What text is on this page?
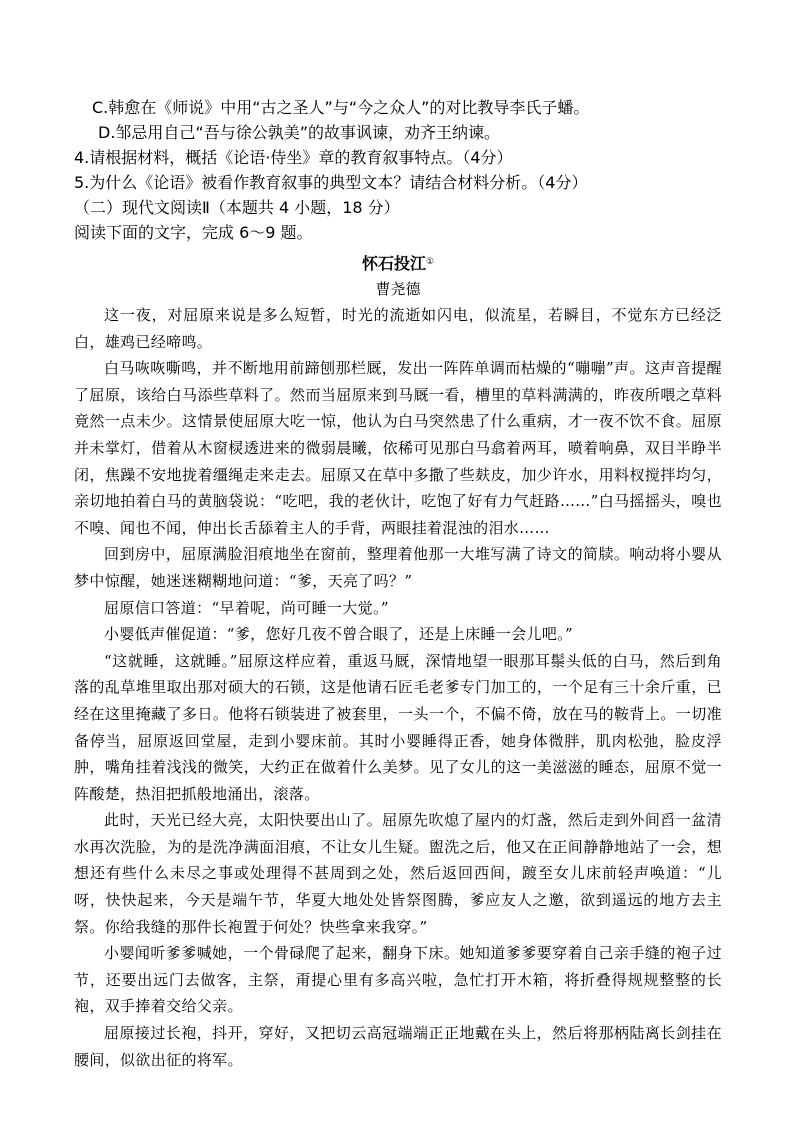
C.韩愈在《师说》中用“古之圣人”与“今之众人”的对比教导李氏子蟠。

D.邹忌用自己“吾与徐公孰美”的故事讽谏，劝齐王纳谏。

4.请根据材料，概括《论语·侍坐》章的教育叙事特点。（4分）

5.为什么《论语》被看作教育叙事的典型文本？请结合材料分析。（4分）

（二）现代文阅读Ⅱ（本题共 4 小题，18 分）

阅读下面的文字，完成 6～9 题。

怀石投江①
曹尧德

这一夜，对屈原来说是多么短暂，时光的流逝如闪电，似流星，若瞬目，不觉东方已经泛白，雄鸡已经啼鸣。

白马咴咴嘶鸣，并不断地用前蹄刨那栏厩，发出一阵阵单调而枯燥的“嘣嘣”声。这声音提醒了屈原，该给白马添些草料了。然而当屈原来到马厩一看，槽里的草料满满的，昨夜所喂之草料竟然一点未少。这情景使屈原大吃一惊，他认为白马突然患了什么重病，才一夜不饮不食。屈原并未掌灯，借着从木窗棂透进来的微弱晨曦，依稀可见那白马翕着两耳，喷着响鼻，双目半睁半闭，焦躁不安地拢着缰绳走来走去。屈原又在草中多撒了些麸皮，加少许水，用料杈搅拌均匀，亲切地拍着白马的黄脑袋说：“吃吧，我的老伙计，吃饱了好有力气赶路……”白马摇摇头，嗅也不嗅、闻也不闻，伸出长舌舔着主人的手背，两眼挂着混浊的泪水……

回到房中，屈原满脸泪痕地坐在窗前，整理着他那一大堆写满了诗文的简牍。响动将小婴从梦中惊醒，她迷迷糊糊地问道：“爹，天亮了吗？”

屈原信口答道：“早着呢，尚可睡一大觉。”

小婴低声催促道：“爹，您好几夜不曾合眼了，还是上床睡一会儿吧。”

“这就睡，这就睡。”屈原这样应着，重返马厩，深情地望一眼那耳鬃头低的白马，然后到角落的乱草堆里取出那对硕大的石锁，这是他请石匠毛老爹专门加工的，一个足有三十余斤重，已经在这里掩藏了多日。他将石锁装进了被套里，一头一个，不偏不倚，放在马的鞍背上。一切准备停当，屈原返回堂屋，走到小婴床前。其时小婴睡得正香，她身体微胖，肌肉松弛，脸皮浮肿，嘴角挂着浅浅的微笑，大约正在做着什么美梦。见了女儿的这一美滋滋的睡态，屈原不觉一阵酸楚，热泪把抓般地涌出，滚落。

此时，天光已经大亮，太阳快要出山了。屈原先吹熄了屋内的灯盏，然后走到外间舀一盆清水再次洗脸，为的是洗净满面泪痕，不让女儿生疑。盥洗之后，他又在正间静静地站了一会，想想还有些什么未尽之事或处理得不甚周到之处，然后返回西间，踱至女儿床前轻声唤道：“儿呀，快快起来，今天是端午节，华夏大地处处皆祭图腾，爹应友人之邀，欲到遥远的地方去主祭。你给我缝的那件长袍置于何处？快些拿来我穿。”

小婴闻听爹爹喊她，一个骨碌爬了起来，翻身下床。她知道爹爹要穿着自己亲手缝的袍子过节，还要出远门去做客，主祭，甭提心里有多高兴啦，急忙打开木箱，将折叠得规规整整的长袍，双手捧着交给父亲。

屈原接过长袍，抖开，穿好，又把切云高冠端端正正地戴在头上，然后将那柄陆离长剑挂在腰间，似欲出征的将军。
